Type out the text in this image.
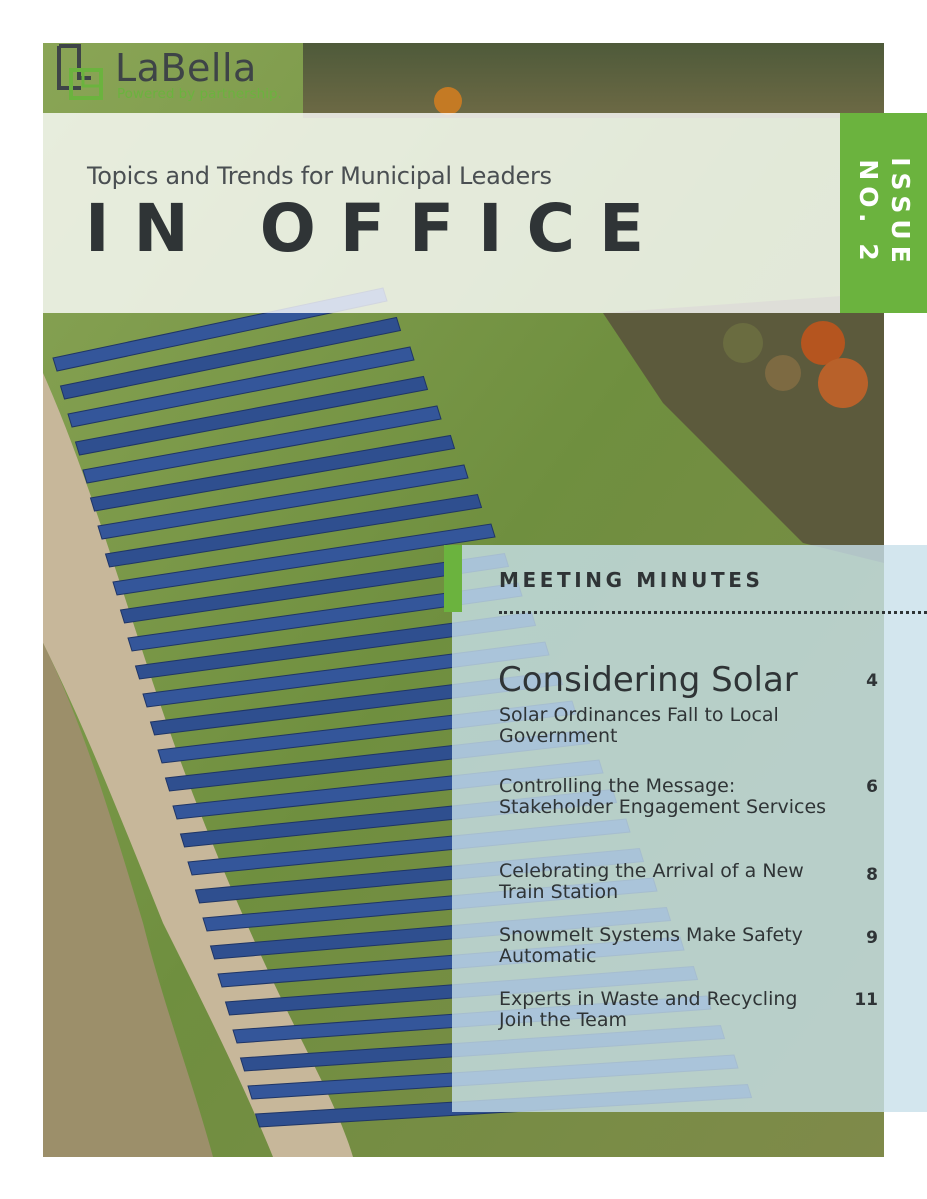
LaBella
Powered by partnership.
Topics and Trends for Municipal Leaders
IN OFFICE	ISSUE
NO. 2
MEETING MINUTES
Considering Solar	4
Solar Ordinances Fall to Local Government
Controlling the Message: Stakeholder Engagement Services
6
Celebrating the Arrival of a New Train Station
8
Snowmelt Systems Make Safety Automatic
9
Experts in Waste and Recycling Join the Team
11
